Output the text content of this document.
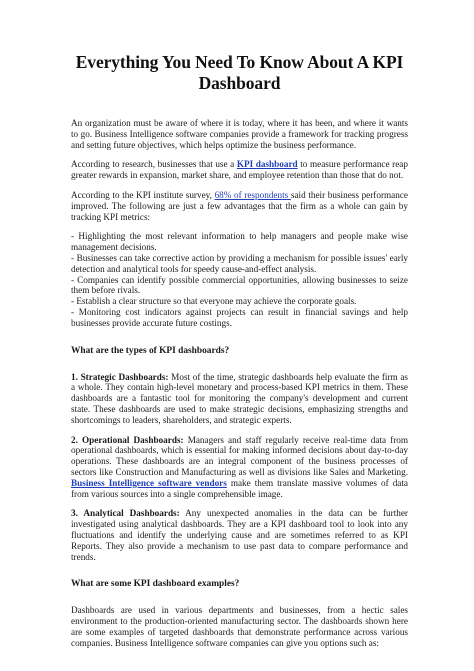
Everything You Need To Know About A KPI
Dashboard

An organization must be aware of where it is today, where it has been, and where it wants to go. Business Intelligence software companies provide a framework for tracking progress and setting future objectives, which helps optimize the business performance.

According to research, businesses that use a KPI dashboard to measure performance reap greater rewards in expansion, market share, and employee retention than those that do not.

According to the KPI institute survey, 68% of respondents said their business performance improved. The following are just a few advantages that the firm as a whole can gain by tracking KPI metrics:

- Highlighting the most relevant information to help managers and people make wise management decisions.

- Businesses can take corrective action by providing a mechanism for possible issues' early detection and analytical tools for speedy cause-and-effect analysis.

- Companies can identify possible commercial opportunities, allowing businesses to seize them before rivals.

- Establish a clear structure so that everyone may achieve the corporate goals.

- Monitoring cost indicators against projects can result in financial savings and help businesses provide accurate future costings.

What are the types of KPI dashboards?

1. Strategic Dashboards: Most of the time, strategic dashboards help evaluate the firm as a whole. They contain high-level monetary and process-based KPI metrics in them. These dashboards are a fantastic tool for monitoring the company's development and current state. These dashboards are used to make strategic decisions, emphasizing strengths and shortcomings to leaders, shareholders, and strategic experts.

2. Operational Dashboards: Managers and staff regularly receive real-time data from operational dashboards, which is essential for making informed decisions about day-to-day operations. These dashboards are an integral component of the business processes of sectors like Construction and Manufacturing as well as divisions like Sales and Marketing. Business Intelligence software vendors make them translate massive volumes of data from various sources into a single comprehensible image.

3. Analytical Dashboards: Any unexpected anomalies in the data can be further investigated using analytical dashboards. They are a KPI dashboard tool to look into any fluctuations and identify the underlying cause and are sometimes referred to as KPI Reports. They also provide a mechanism to use past data to compare performance and trends.

What are some KPI dashboard examples?

Dashboards are used in various departments and businesses, from a hectic sales environment to the production-oriented manufacturing sector. The dashboards shown here are some examples of targeted dashboards that demonstrate performance across various companies. Business Intelligence software companies can give you options such as:
